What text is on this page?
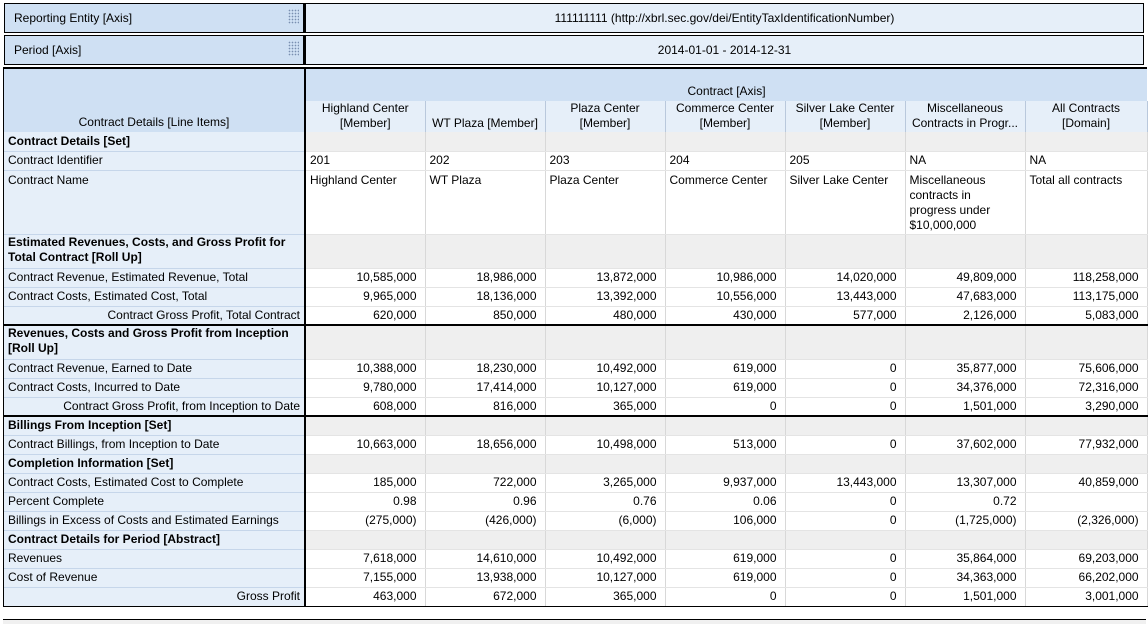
Reporting Entity [Axis]	111111111 (http://xbrl.sec.gov/dei/EntityTaxIdentificationNumber)
Period [Axis]	2014-01-01 - 2014-12-31
Contract Details [Line Items]	Contract [Axis]						
	Highland Center [Member]	WT Plaza [Member]	Plaza Center [Member]	Commerce Center [Member]	Silver Lake Center [Member]	Miscellaneous Contracts in Progr...	All Contracts [Domain]
Contract Details [Set]							
Contract Identifier	201	202	203	204	205	NA	NA
Contract Name	Highland Center	WT Plaza	Plaza Center	Commerce Center	Silver Lake Center	Miscellaneous contracts in progress under $10,000,000	Total all contracts
Estimated Revenues, Costs, and Gross Profit for Total Contract [Roll Up]							
Contract Revenue, Estimated Revenue, Total	10,585,000	18,986,000	13,872,000	10,986,000	14,020,000	49,809,000	118,258,000
Contract Costs, Estimated Cost, Total	9,965,000	18,136,000	13,392,000	10,556,000	13,443,000	47,683,000	113,175,000
Contract Gross Profit, Total Contract	620,000	850,000	480,000	430,000	577,000	2,126,000	5,083,000
Revenues, Costs and Gross Profit from Inception [Roll Up]							
Contract Revenue, Earned to Date	10,388,000	18,230,000	10,492,000	619,000	0	35,877,000	75,606,000
Contract Costs, Incurred to Date	9,780,000	17,414,000	10,127,000	619,000	0	34,376,000	72,316,000
Contract Gross Profit, from Inception to Date	608,000	816,000	365,000	0	0	1,501,000	3,290,000
Billings From Inception [Set]							
Contract Billings, from Inception to Date	10,663,000	18,656,000	10,498,000	513,000	0	37,602,000	77,932,000
Completion Information [Set]							
Contract Costs, Estimated Cost to Complete	185,000	722,000	3,265,000	9,937,000	13,443,000	13,307,000	40,859,000
Percent Complete	0.98	0.96	0.76	0.06	0	0.72	
Billings in Excess of Costs and Estimated Earnings	(275,000)	(426,000)	(6,000)	106,000	0	(1,725,000)	(2,326,000)
Contract Details for Period [Abstract]							
Revenues	7,618,000	14,610,000	10,492,000	619,000	0	35,864,000	69,203,000
Cost of Revenue	7,155,000	13,938,000	10,127,000	619,000	0	34,363,000	66,202,000
Gross Profit	463,000	672,000	365,000	0	0	1,501,000	3,001,000
